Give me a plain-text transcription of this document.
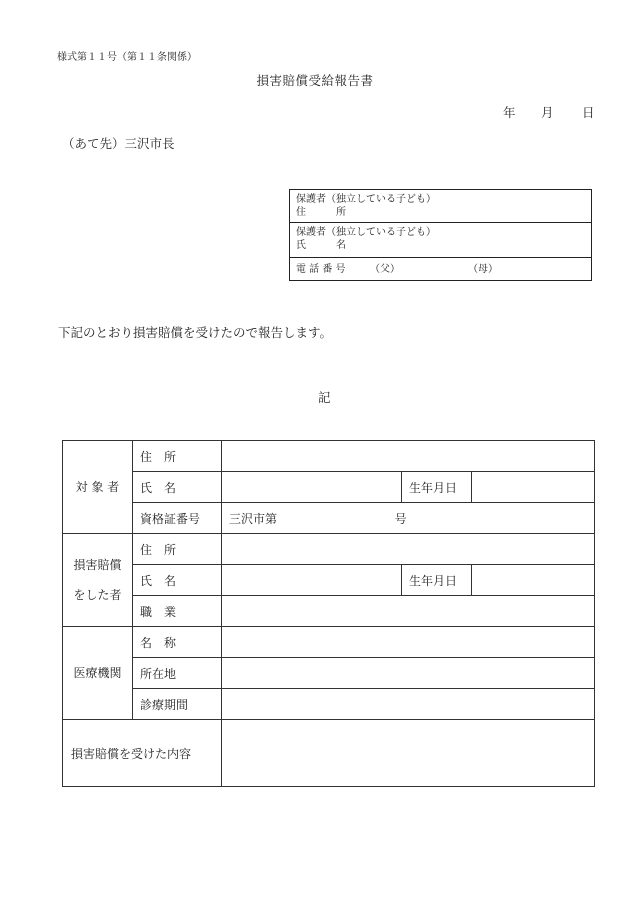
様式第１１号（第１１条関係）
損害賠償受給報告書
年 月 日
（あて先）三沢市長
保護者（独立している子ども）
住　　　所
保護者（独立している子ども）
氏　　　名
電 話 番 号 （父）	（母）
下記のとおり損害賠償を受けたので報告します。
記
対 象 者	住　所			
	氏　名		生年月日	
	資格証番号	三沢市第 号		

損害賠償
をした者	住　所			
	氏　名		生年月日	
	職　業			
医療機関	名　称			
	所在地			
	診療期間			
損害賠償を受けた内容				
